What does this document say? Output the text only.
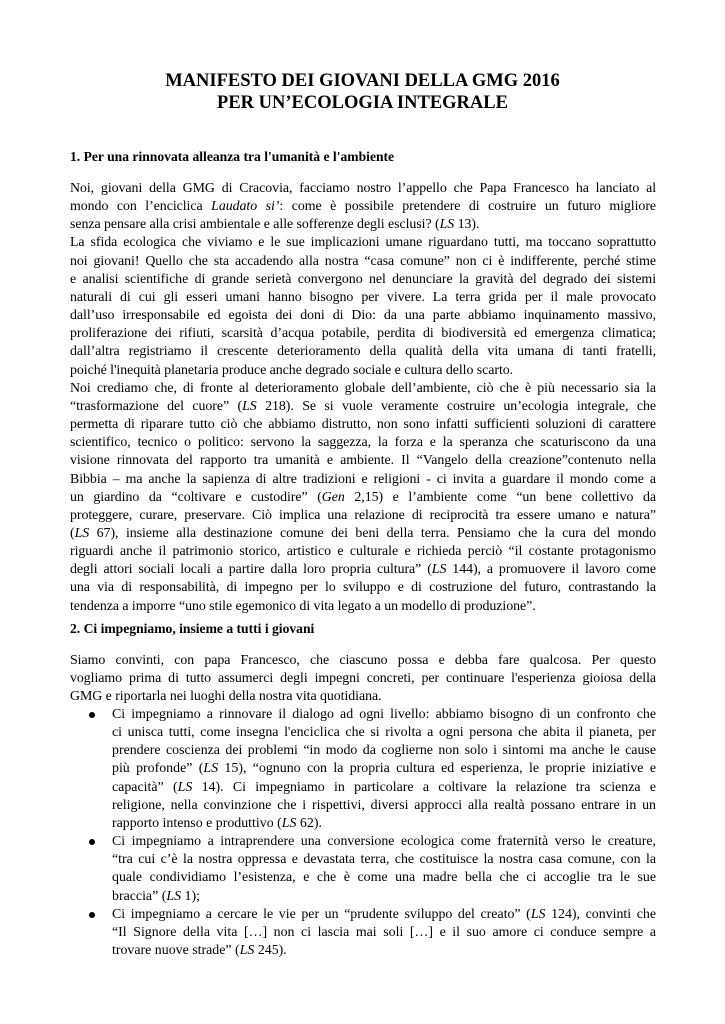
MANIFESTO DEI GIOVANI DELLA GMG 2016
PER UN’ECOLOGIA INTEGRALE
1. Per una rinnovata alleanza tra l'umanità e l'ambiente
Noi, giovani della GMG di Cracovia, facciamo nostro l’appello che Papa Francesco ha lanciato al
mondo con l’enciclica Laudato si’: come è possibile pretendere di costruire un futuro migliore
senza pensare alla crisi ambientale e alle sofferenze degli esclusi? (LS 13).
La sfida ecologica che viviamo e le sue implicazioni umane riguardano tutti, ma toccano soprattutto
noi giovani! Quello che sta accadendo alla nostra “casa comune” non ci è indifferente, perché stime
e analisi scientifiche di grande serietà convergono nel denunciare la gravità del degrado dei sistemi
naturali di cui gli esseri umani hanno bisogno per vivere. La terra grida per il male provocato
dall’uso irresponsabile ed egoista dei doni di Dio: da una parte abbiamo inquinamento massivo,
proliferazione dei rifiuti, scarsità d’acqua potabile, perdita di biodiversità ed emergenza climatica;
dall’altra registriamo il crescente deterioramento della qualità della vita umana di tanti fratelli,
poiché l'inequità planetaria produce anche degrado sociale e cultura dello scarto.
Noi crediamo che, di fronte al deterioramento globale dell’ambiente, ciò che è più necessario sia la
“trasformazione del cuore” (LS 218). Se si vuole veramente costruire un’ecologia integrale, che
permetta di riparare tutto ciò che abbiamo distrutto, non sono infatti sufficienti soluzioni di carattere
scientifico, tecnico o politico: servono la saggezza, la forza e la speranza che scaturiscono da una
visione rinnovata del rapporto tra umanità e ambiente. Il “Vangelo della creazione”contenuto nella
Bibbia – ma anche la sapienza di altre tradizioni e religioni - ci invita a guardare il mondo come a
un giardino da “coltivare e custodire” (Gen 2,15) e l’ambiente come “un bene collettivo da
proteggere, curare, preservare. Ciò implica una relazione di reciprocità tra essere umano e natura”
(LS 67), insieme alla destinazione comune dei beni della terra. Pensiamo che la cura del mondo
riguardi anche il patrimonio storico, artistico e culturale e richieda perciò “il costante protagonismo
degli attori sociali locali a partire dalla loro propria cultura” (LS 144), a promuovere il lavoro come
una via di responsabilità, di impegno per lo sviluppo e di costruzione del futuro, contrastando la
tendenza a imporre “uno stile egemonico di vita legato a un modello di produzione”.
2. Ci impegniamo, insieme a tutti i giovani
Siamo convinti, con papa Francesco, che ciascuno possa e debba fare qualcosa. Per questo
vogliamo prima di tutto assumerci degli impegni concreti, per continuare l'esperienza gioiosa della
GMG e riportarla nei luoghi della nostra vita quotidiana.
Ci impegniamo a rinnovare il dialogo ad ogni livello: abbiamo bisogno di un confronto che
ci unisca tutti, come insegna l'enciclica che si rivolta a ogni persona che abita il pianeta, per
prendere coscienza dei problemi “in modo da coglierne non solo i sintomi ma anche le cause
più profonde” (LS 15), “ognuno con la propria cultura ed esperienza, le proprie iniziative e
capacità” (LS 14). Ci impegniamo in particolare a coltivare la relazione tra scienza e
religione, nella convinzione che i rispettivi, diversi approcci alla realtà possano entrare in un
rapporto intenso e produttivo (LS 62).
Ci impegniamo a intraprendere una conversione ecologica come fraternità verso le creature,
“tra cui c’è la nostra oppressa e devastata terra, che costituisce la nostra casa comune, con la
quale condividiamo l’esistenza, e che è come una madre bella che ci accoglie tra le sue
braccia” (LS 1);
Ci impegniamo a cercare le vie per un “prudente sviluppo del creato” (LS 124), convinti che
“Il Signore della vita […] non ci lascia mai soli […] e il suo amore ci conduce sempre a
trovare nuove strade” (LS 245).
